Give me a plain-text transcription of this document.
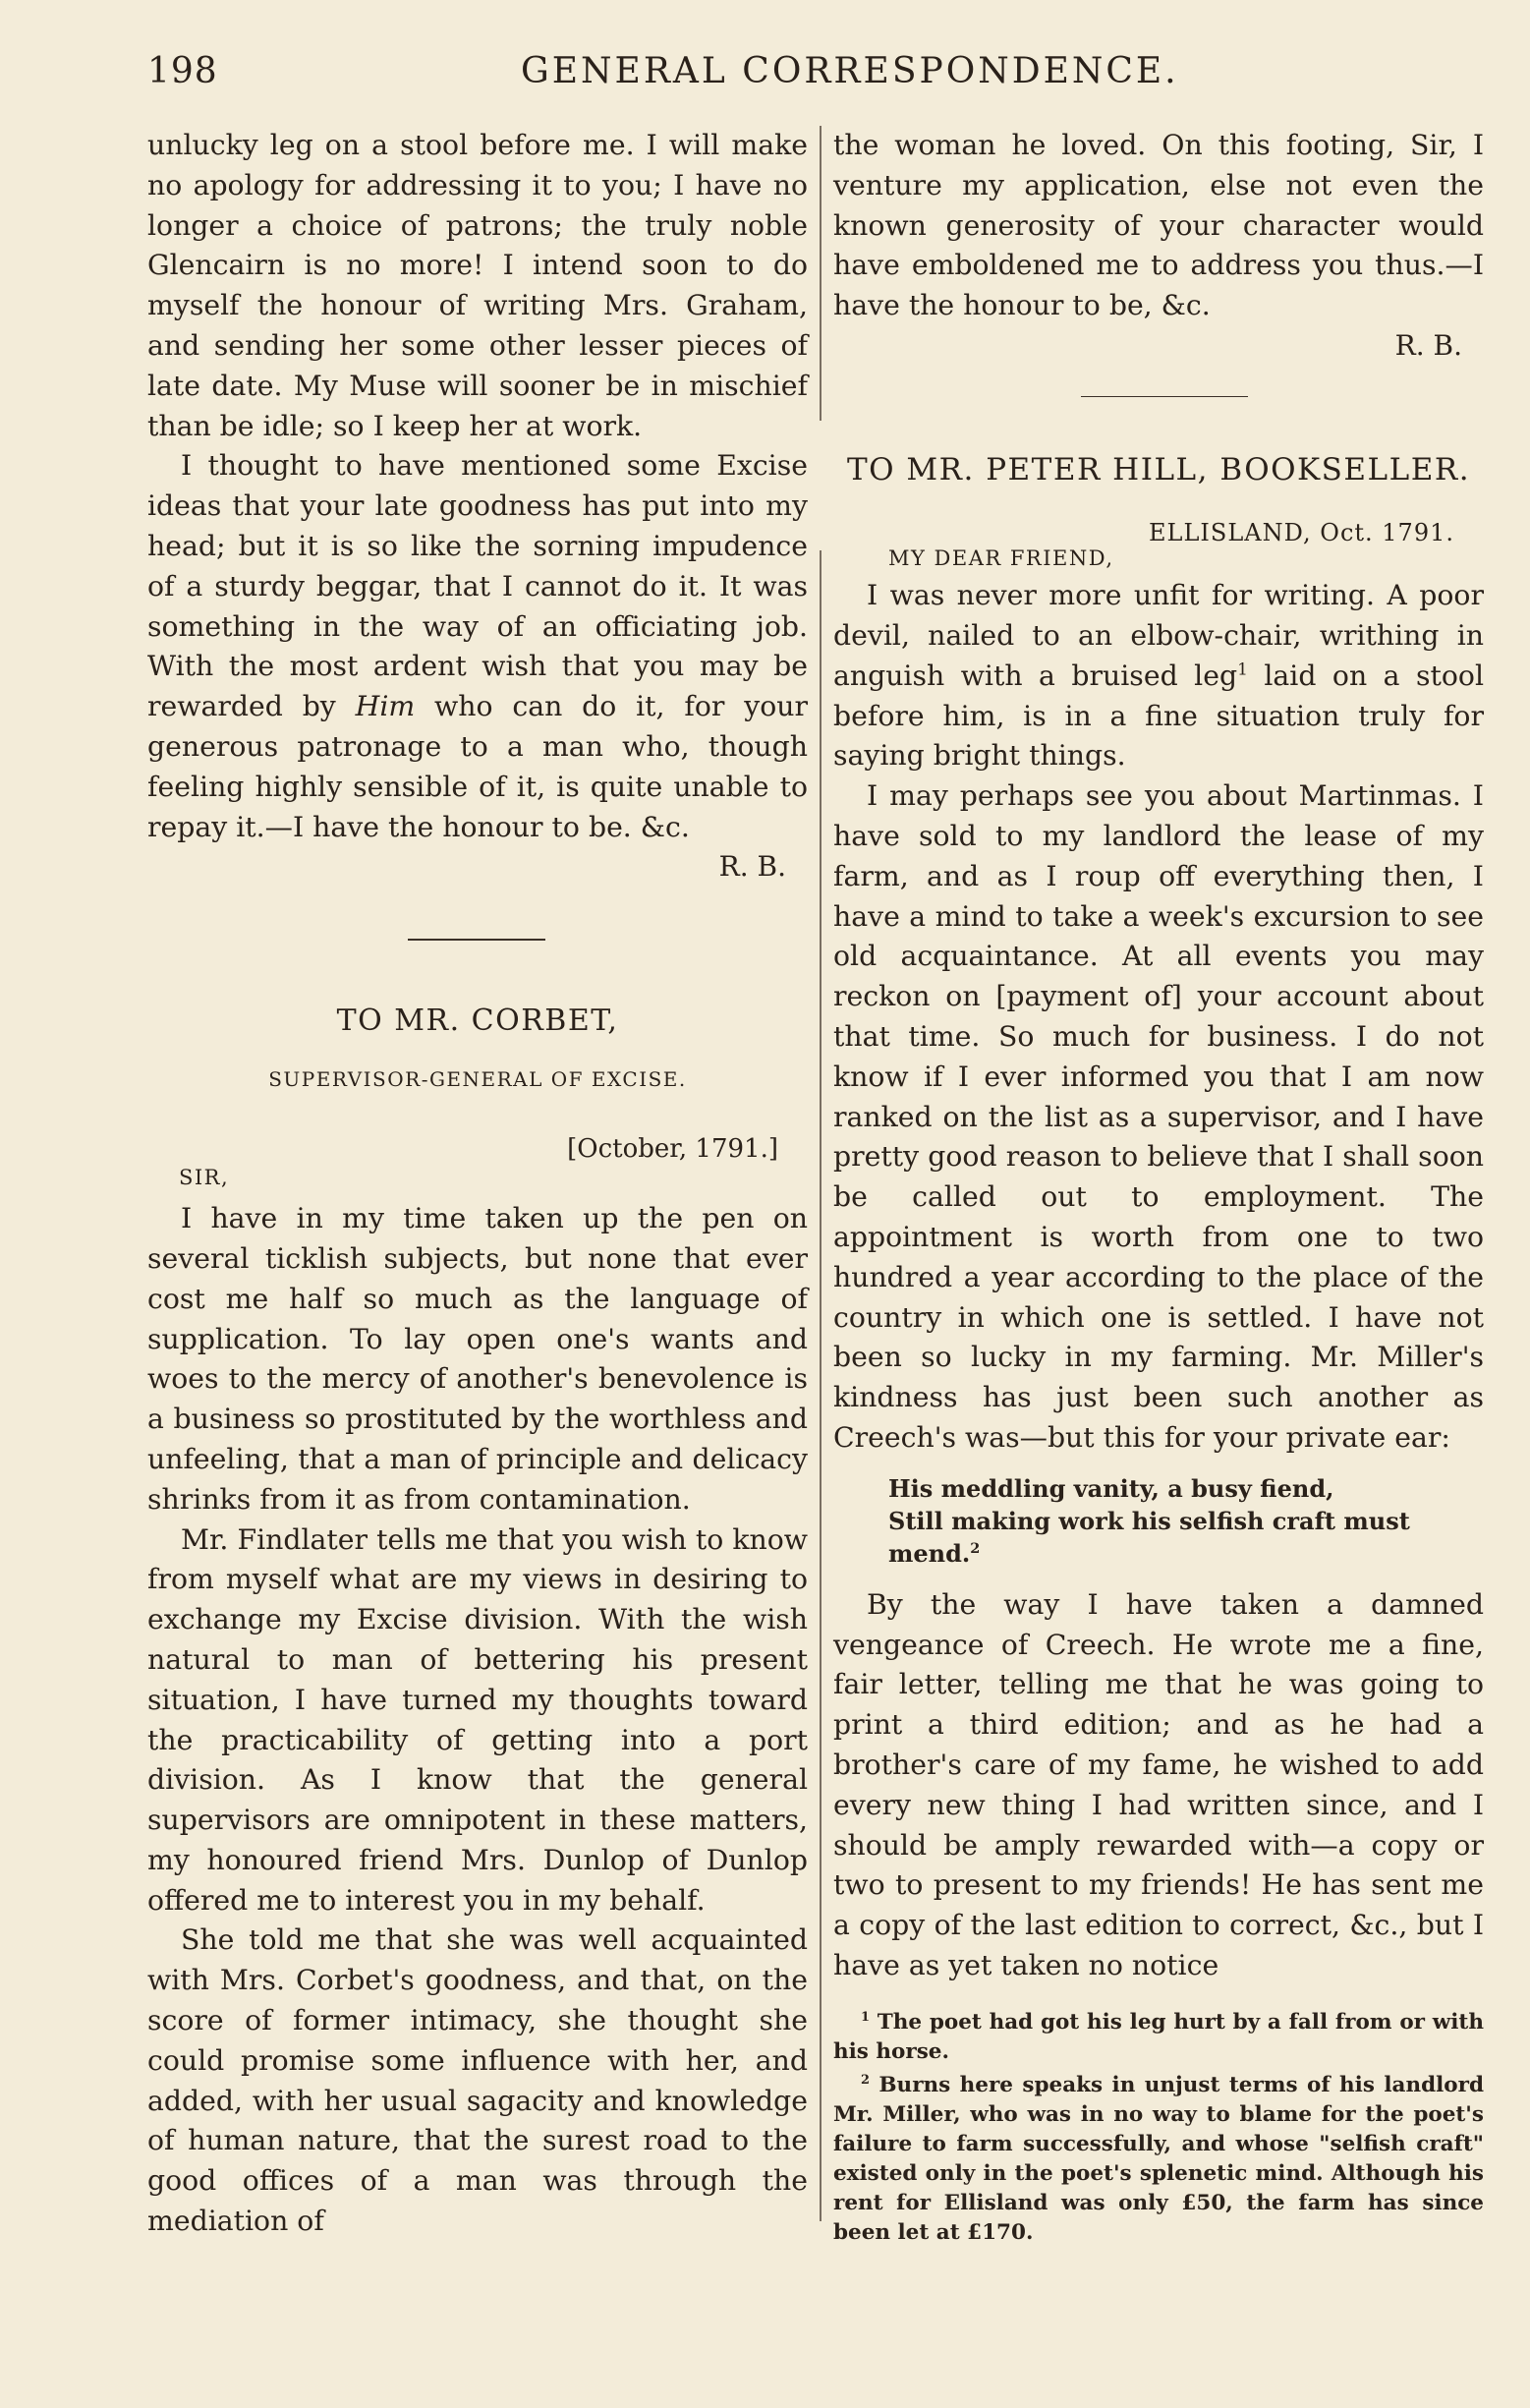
198	GENERAL CORRESPONDENCE.

unlucky leg on a stool before me. I will make no apology for addressing it to you; I have no longer a choice of patrons; the truly noble Glencairn is no more! I intend soon to do myself the honour of writing Mrs. Graham, and sending her some other lesser pieces of late date. My Muse will sooner be in mischief than be idle; so I keep her at work.

I thought to have mentioned some Excise ideas that your late goodness has put into my head; but it is so like the sorning impudence of a sturdy beggar, that I cannot do it. It was something in the way of an officiating job. With the most ardent wish that you may be rewarded by Him who can do it, for your generous patronage to a man who, though feeling highly sensible of it, is quite unable to repay it.—I have the honour to be. &c.

R. B.

TO MR. CORBET,

SUPERVISOR-GENERAL OF EXCISE.

[October, 1791.]

SIR,

I have in my time taken up the pen on several ticklish subjects, but none that ever cost me half so much as the language of supplication. To lay open one's wants and woes to the mercy of another's benevolence is a business so prostituted by the worthless and unfeeling, that a man of principle and delicacy shrinks from it as from contamination.

Mr. Findlater tells me that you wish to know from myself what are my views in desiring to exchange my Excise division. With the wish natural to man of bettering his present situation, I have turned my thoughts toward the practicability of getting into a port division. As I know that the general supervisors are omnipotent in these matters, my honoured friend Mrs. Dunlop of Dunlop offered me to interest you in my behalf.

She told me that she was well acquainted with Mrs. Corbet's goodness, and that, on the score of former intimacy, she thought she could promise some influence with her, and added, with her usual sagacity and knowledge of human nature, that the surest road to the good offices of a man was through the mediation of

the woman he loved. On this footing, Sir, I venture my application, else not even the known generosity of your character would have emboldened me to address you thus.—I have the honour to be, &c.

R. B.

TO MR. PETER HILL, BOOKSELLER.

ELLISLAND, Oct. 1791.

MY DEAR FRIEND,

I was never more unfit for writing. A poor devil, nailed to an elbow-chair, writhing in anguish with a bruised leg$^1$ laid on a stool before him, is in a fine situation truly for saying bright things.

I may perhaps see you about Martinmas. I have sold to my landlord the lease of my farm, and as I roup off everything then, I have a mind to take a week's excursion to see old acquaintance. At all events you may reckon on [payment of] your account about that time. So much for business. I do not know if I ever informed you that I am now ranked on the list as a supervisor, and I have pretty good reason to believe that I shall soon be called out to employment. The appointment is worth from one to two hundred a year according to the place of the country in which one is settled. I have not been so lucky in my farming. Mr. Miller's kindness has just been such another as Creech's was—but this for your private ear:

His meddling vanity, a busy fiend,

Still making work his selfish craft must mend.$^2$

By the way I have taken a damned vengeance of Creech. He wrote me a fine, fair letter, telling me that he was going to print a third edition; and as he had a brother's care of my fame, he wished to add every new thing I had written since, and I should be amply rewarded with—a copy or two to present to my friends! He has sent me a copy of the last edition to correct, &c., but I have as yet taken no notice

$^1$ The poet had got his leg hurt by a fall from or with his horse.

$^2$ Burns here speaks in unjust terms of his landlord Mr. Miller, who was in no way to blame for the poet's failure to farm successfully, and whose "selfish craft" existed only in the poet's splenetic mind. Although his rent for Ellisland was only £50, the farm has since been let at £170.
